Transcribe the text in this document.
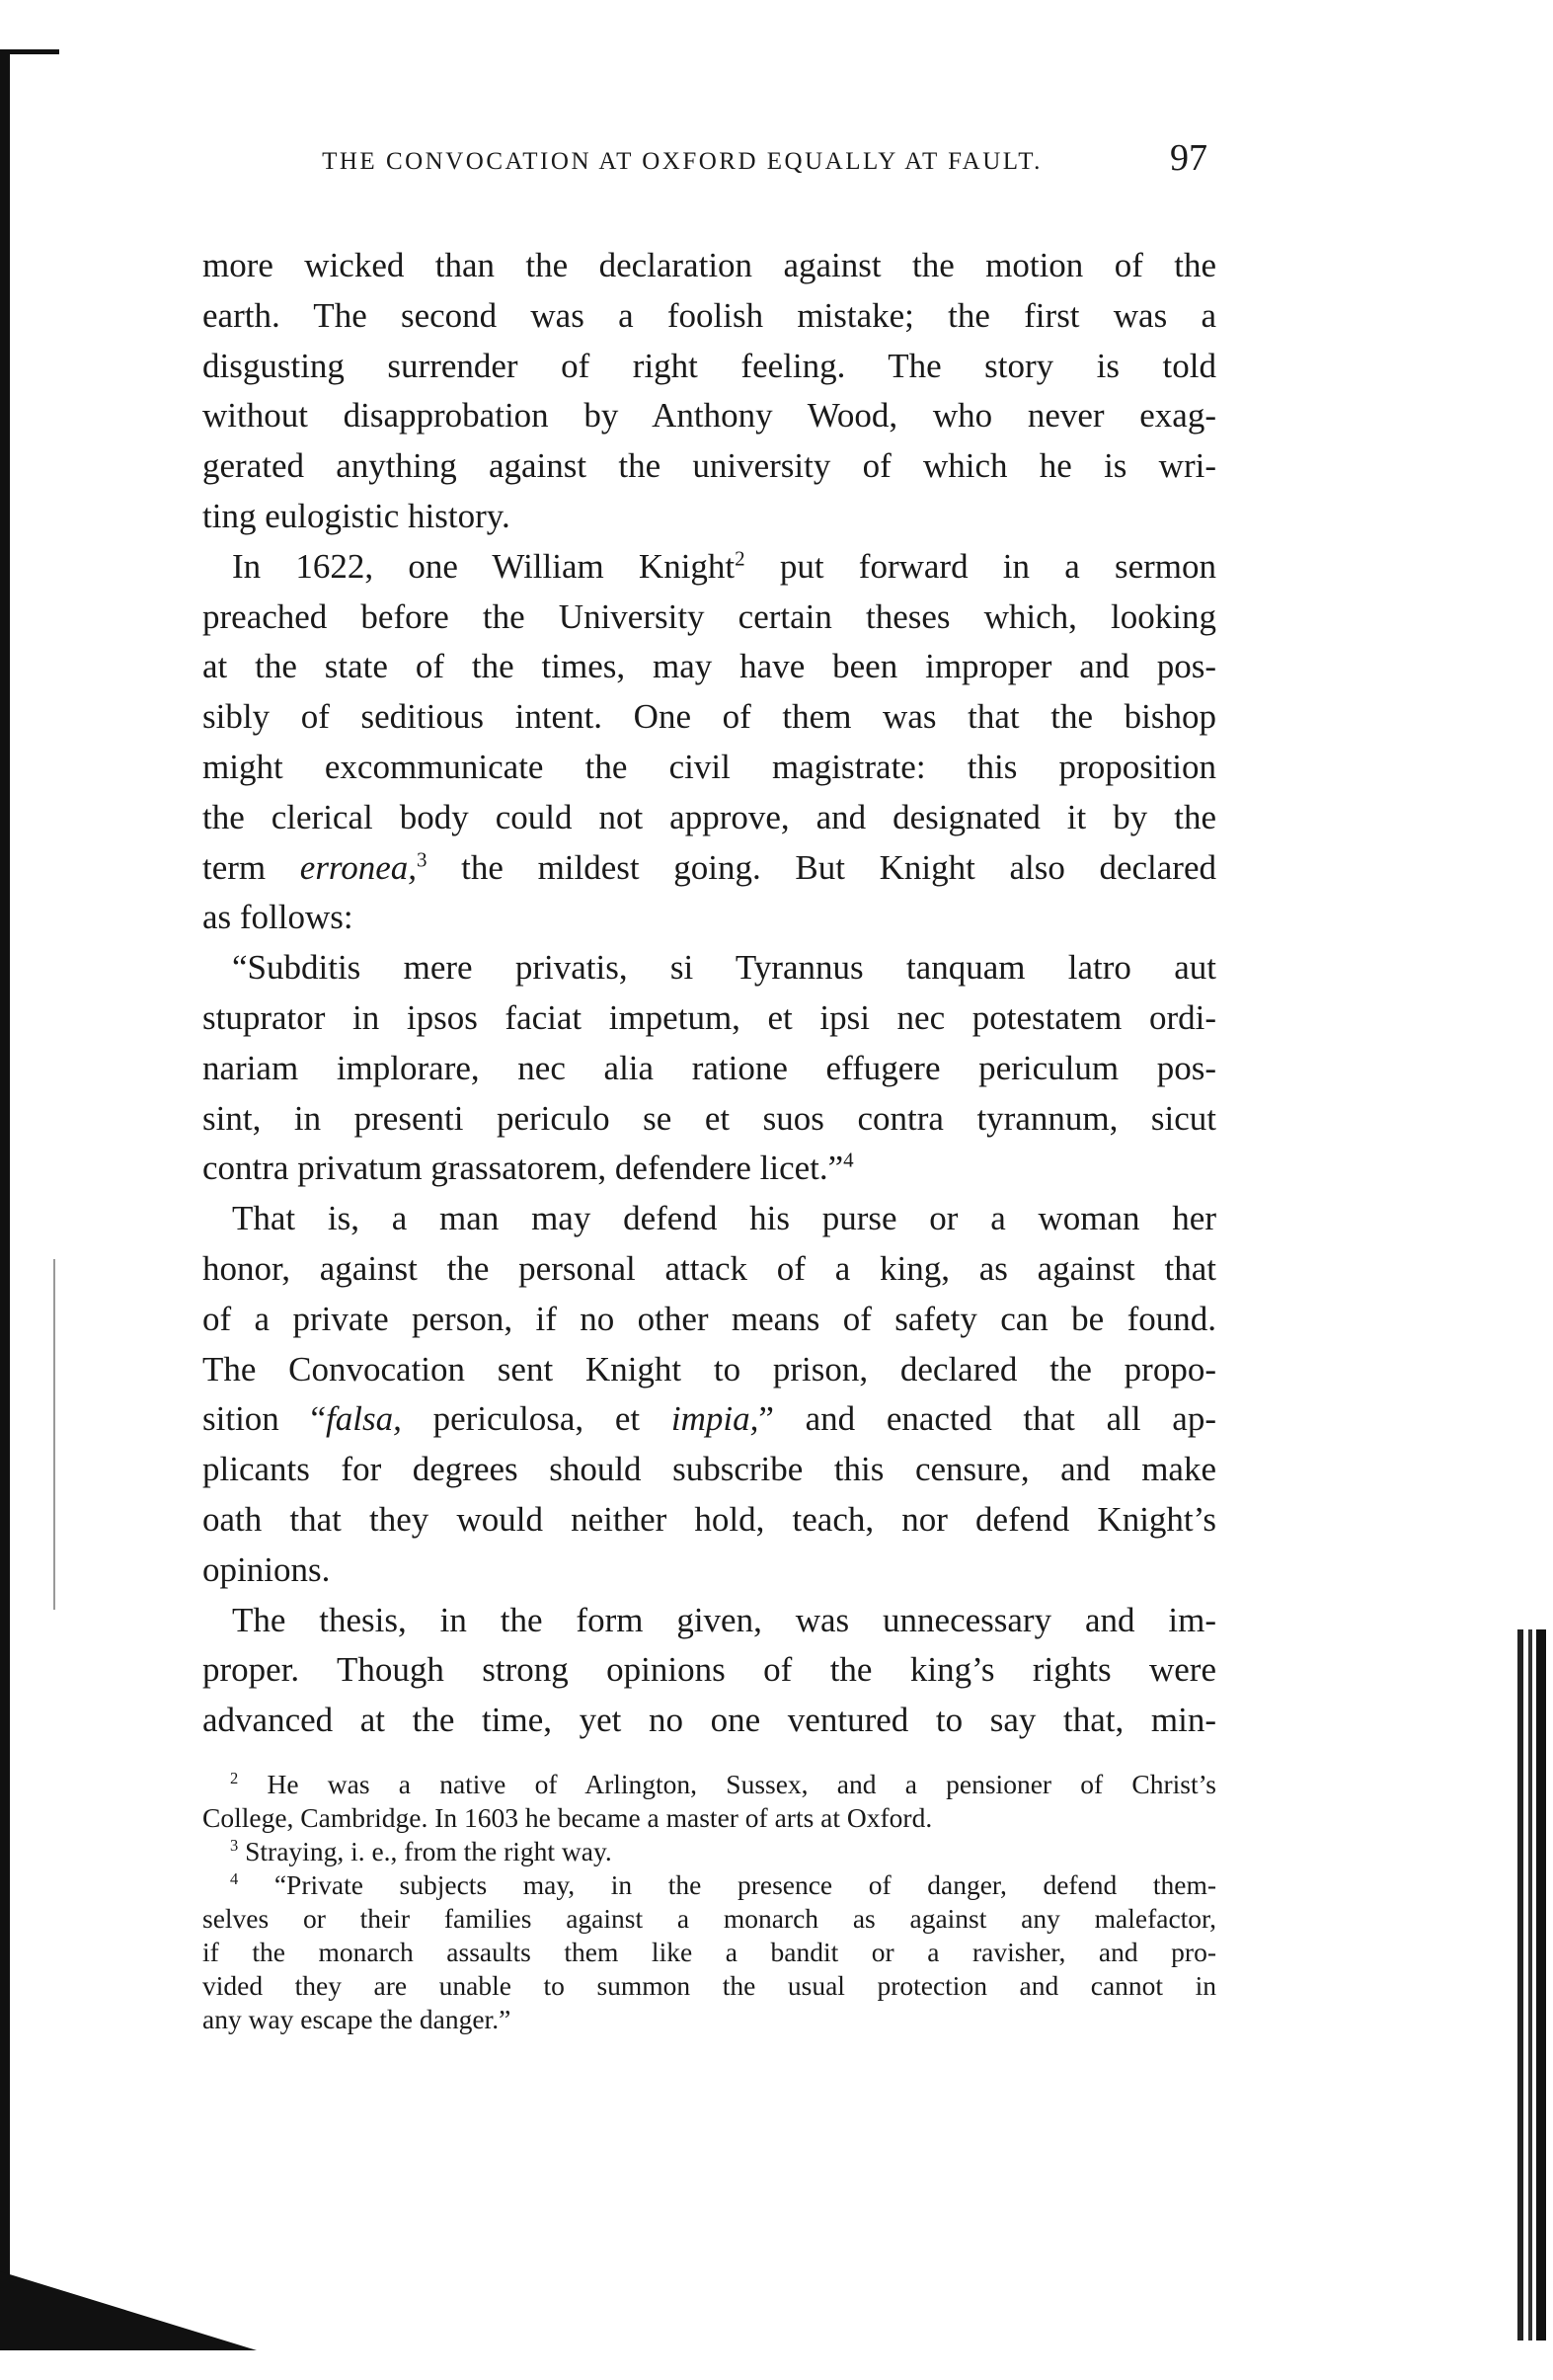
THE CONVOCATION AT OXFORD EQUALLY AT FAULT.	97
more wicked than the declaration against the motion of the
earth. The second was a foolish mistake; the first was a
disgusting surrender of right feeling. The story is told
without disapprobation by Anthony Wood, who never exag-
gerated anything against the university of which he is wri-
ting eulogistic history.
In 1622, one William Knight$^2$ put forward in a sermon
preached before the University certain theses which, looking
at the state of the times, may have been improper and pos-
sibly of seditious intent. One of them was that the bishop
might excommunicate the civil magistrate: this proposition
the clerical body could not approve, and designated it by the
term erronea,$^3$ the mildest going. But Knight also declared
as follows:
“Subditis mere privatis, si Tyrannus tanquam latro aut
stuprator in ipsos faciat impetum, et ipsi nec potestatem ordi-
nariam implorare, nec alia ratione effugere periculum pos-
sint, in presenti periculo se et suos contra tyrannum, sicut
contra privatum grassatorem, defendere licet.”$^4$
That is, a man may defend his purse or a woman her
honor, against the personal attack of a king, as against that
of a private person, if no other means of safety can be found.
The Convocation sent Knight to prison, declared the propo-
sition “falsa, periculosa, et impia,” and enacted that all ap-
plicants for degrees should subscribe this censure, and make
oath that they would neither hold, teach, nor defend Knight’s
opinions.
The thesis, in the form given, was unnecessary and im-
proper. Though strong opinions of the king’s rights were
advanced at the time, yet no one ventured to say that, min-
$^2$ He was a native of Arlington, Sussex, and a pensioner of Christ’s
College, Cambridge. In 1603 he became a master of arts at Oxford.
$^3$ Straying, i. e., from the right way.
$^4$ “Private subjects may, in the presence of danger, defend them-
selves or their families against a monarch as against any malefactor,
if the monarch assaults them like a bandit or a ravisher, and pro-
vided they are unable to summon the usual protection and cannot in
any way escape the danger.”
